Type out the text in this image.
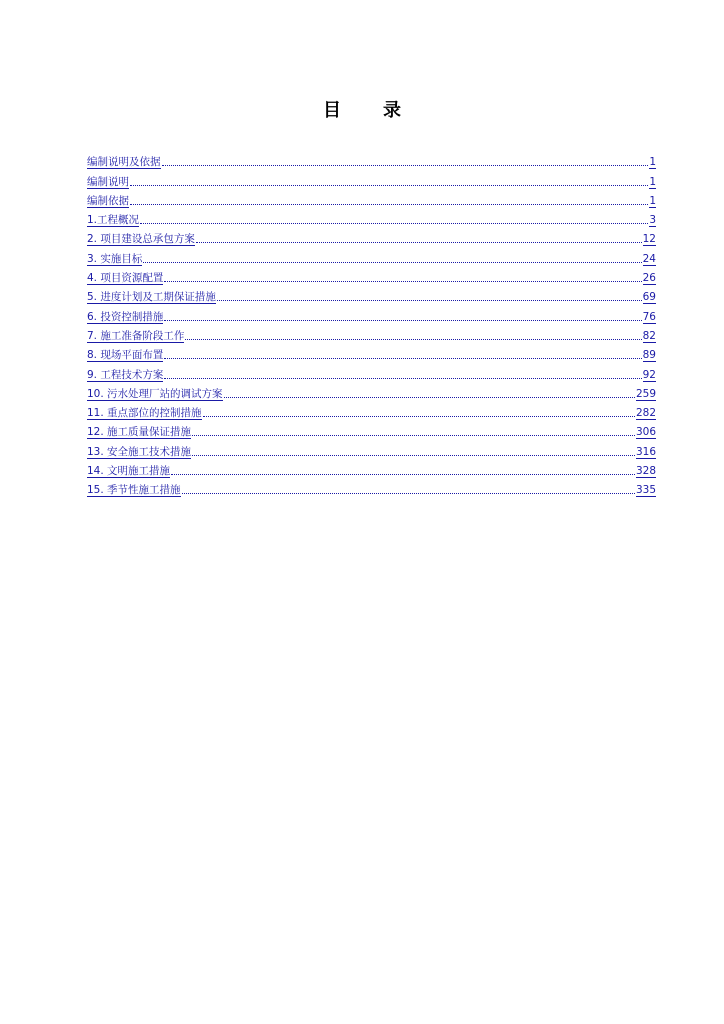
目 录
编制说明及依据	1
编制说明	1
编制依据	1
1.工程概况	3
2. 项目建设总承包方案	12
3. 实施目标	24
4. 项目资源配置	26
5. 进度计划及工期保证措施	69
6. 投资控制措施	76
7. 施工准备阶段工作	82
8. 现场平面布置	89
9. 工程技术方案	92
10. 污水处理厂站的调试方案	259
11. 重点部位的控制措施	282
12. 施工质量保证措施	306
13. 安全施工技术措施	316
14. 文明施工措施	328
15. 季节性施工措施	335
